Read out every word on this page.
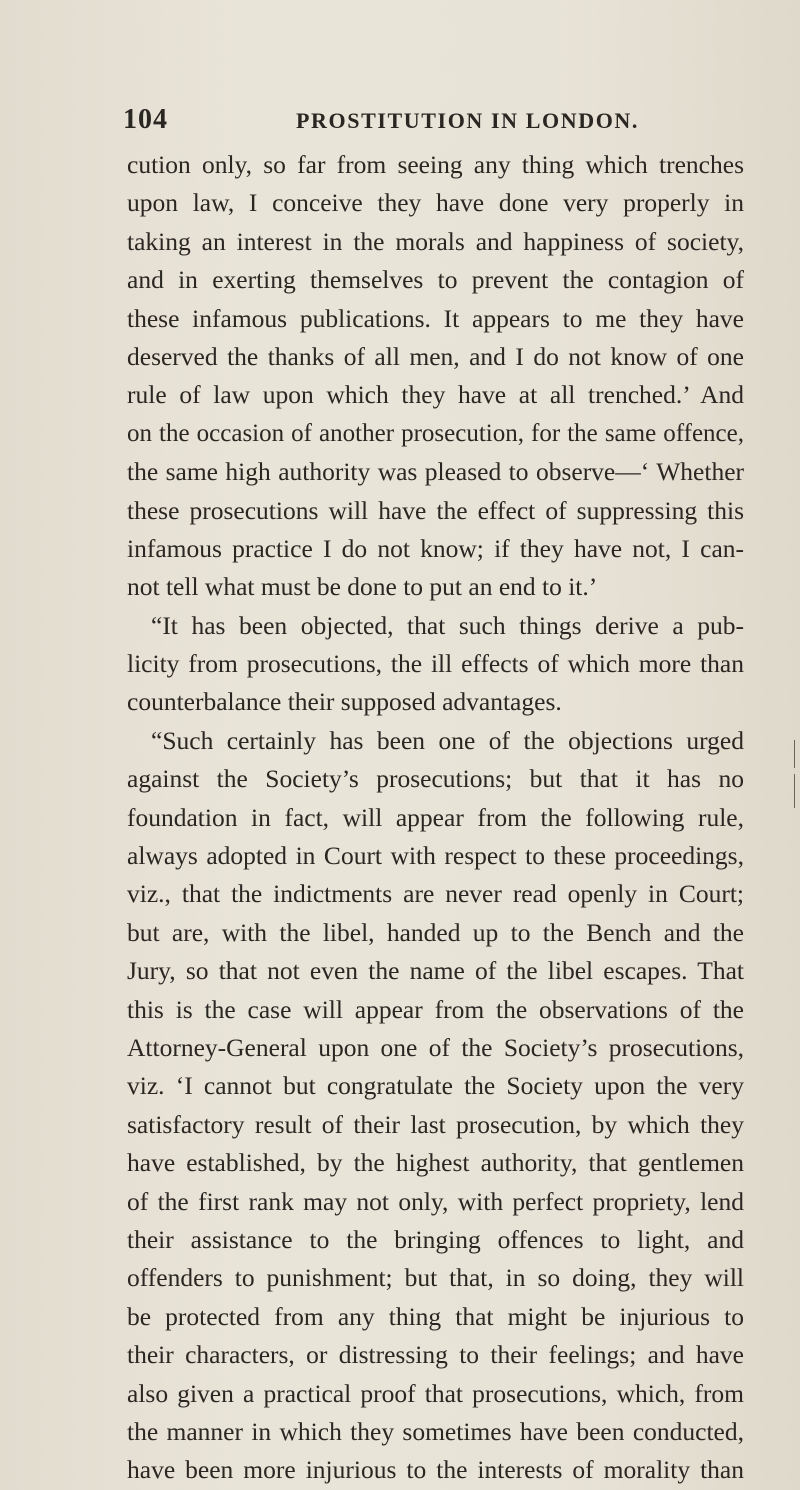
104	PROSTITUTION IN LONDON.
cution only, so far from seeing any thing which trenches
upon law, I conceive they have done very properly in
taking an interest in the morals and happiness of society,
and in exerting themselves to prevent the contagion of
these infamous publications. It appears to me they have
deserved the thanks of all men, and I do not know of one
rule of law upon which they have at all trenched.’ And
on the occasion of another prosecution, for the same offence,
the same high authority was pleased to observe—‘ Whether
these prosecutions will have the effect of suppressing this
infamous practice I do not know; if they have not, I can-
not tell what must be done to put an end to it.’
“It has been objected, that such things derive a pub-
licity from prosecutions, the ill effects of which more than
counterbalance their supposed advantages.
“Such certainly has been one of the objections urged
against the Society’s prosecutions; but that it has no
foundation in fact, will appear from the following rule,
always adopted in Court with respect to these proceedings,
viz., that the indictments are never read openly in Court;
but are, with the libel, handed up to the Bench and the
Jury, so that not even the name of the libel escapes. That
this is the case will appear from the observations of the
Attorney-General upon one of the Society’s prosecutions,
viz. ‘I cannot but congratulate the Society upon the very
satisfactory result of their last prosecution, by which they
have established, by the highest authority, that gentlemen
of the first rank may not only, with perfect propriety, lend
their assistance to the bringing offences to light, and
offenders to punishment; but that, in so doing, they will
be protected from any thing that might be injurious to
their characters, or distressing to their feelings; and have
also given a practical proof that prosecutions, which, from
the manner in which they sometimes have been conducted,
have been more injurious to the interests of morality than
